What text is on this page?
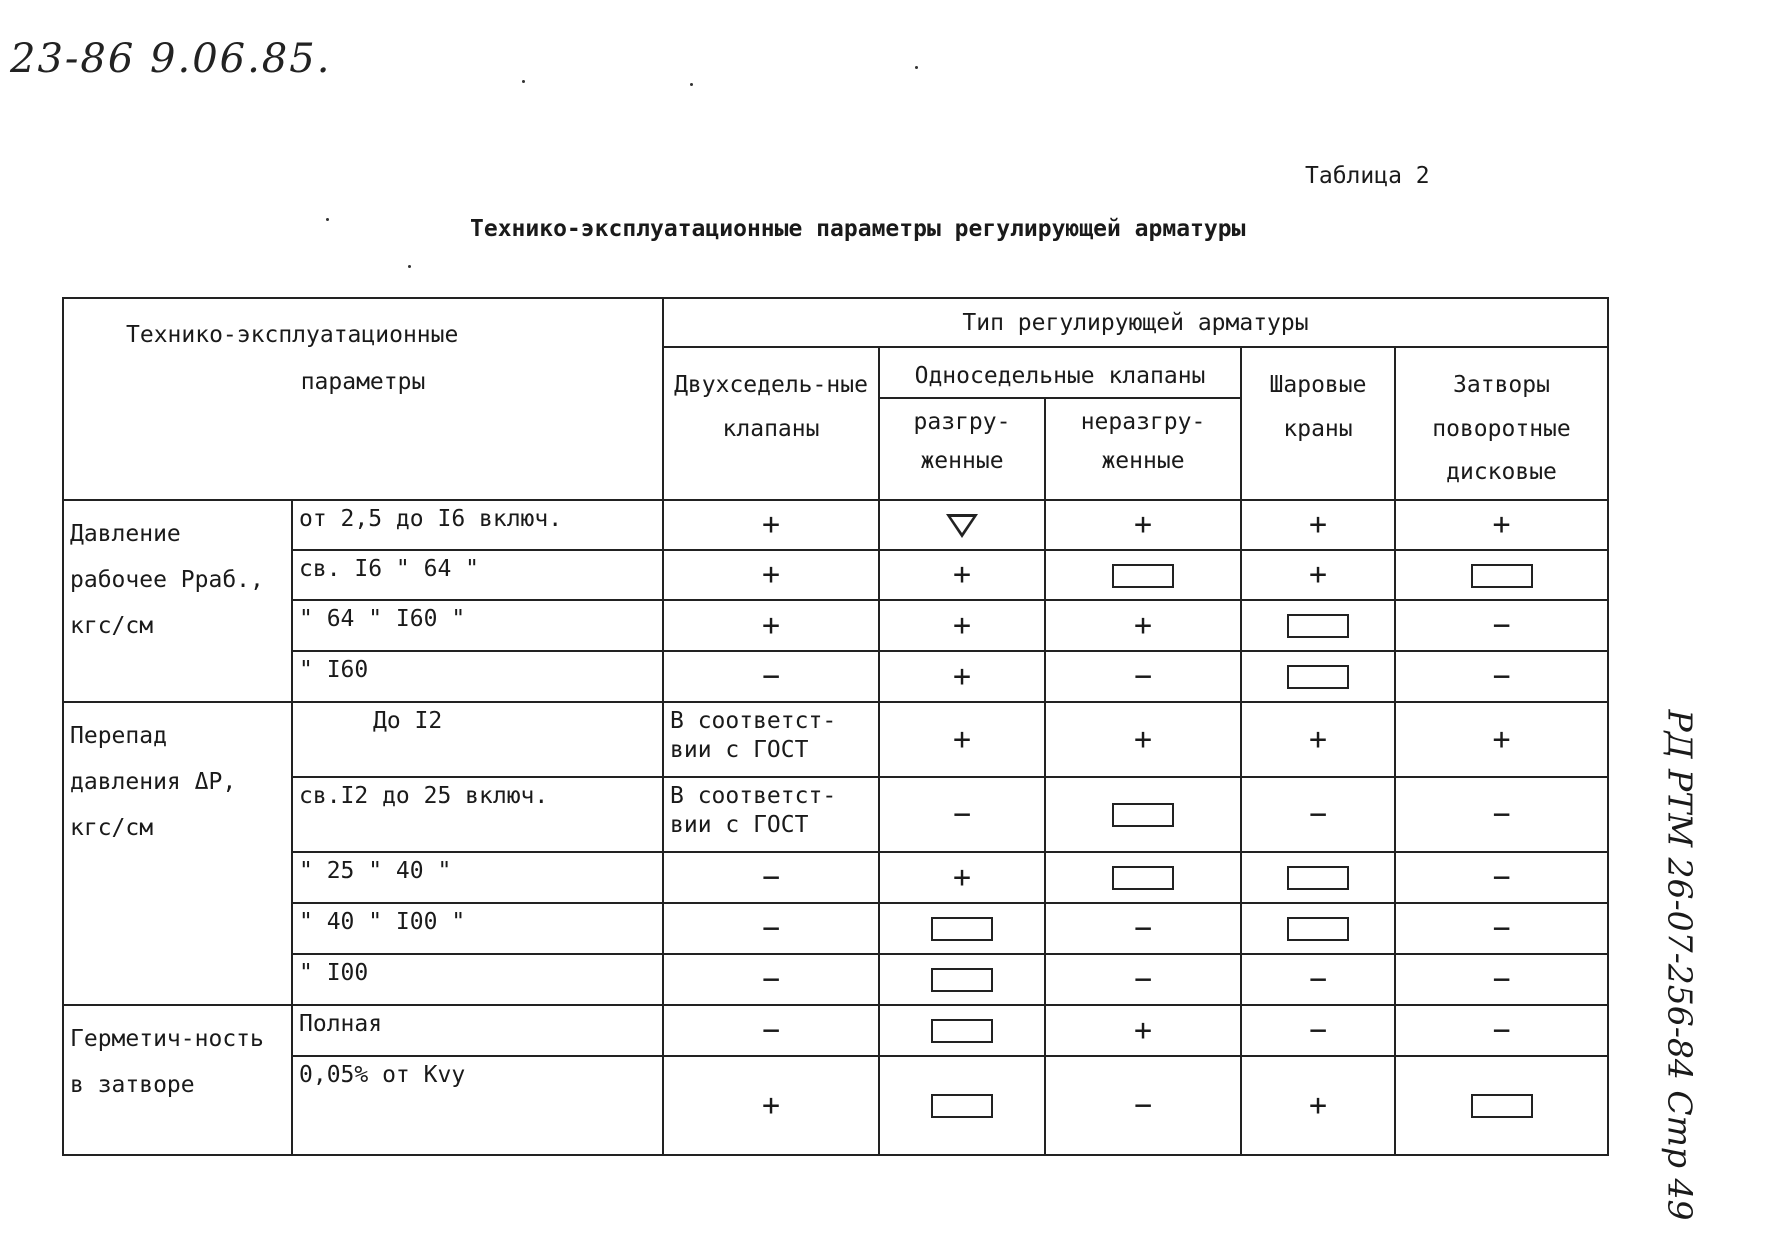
23-86 9.06.85.
Таблица 2
Технико-эксплуатационные параметры регулирующей арматуры
РД РТМ 26-07-256-84 Стр 49
Технико-эксплуатационные
параметры		Тип регулирующей арматуры				
		Двухседель-ные клапаны	Односедельные клапаны		Шаровые краны	Затворы поворотные дисковые
			разгру-женные	неразгру-женные		
Давление рабочее Pраб., кгс/см	от 2,5 до I6 включ.	+		+	+	+
	св. I6 " 64 "	+	+		+	
	" 64 " I60 "	+	+	+		−
	" I60	−	+	−		−
Перепад давления ΔP, кгс/см	До I2	В соответст-вии с ГОСТ	+	+	+	+
	св.I2 до 25 включ.	В соответст-вии с ГОСТ	−		−	−
	" 25 " 40 "	−	+			−
	" 40 " I00 "	−		−		−
	" I00	−		−	−	−
Герметич-ность в затворе	Полная	−		+	−	−
	0,05% от Kvy	+		−	+	
